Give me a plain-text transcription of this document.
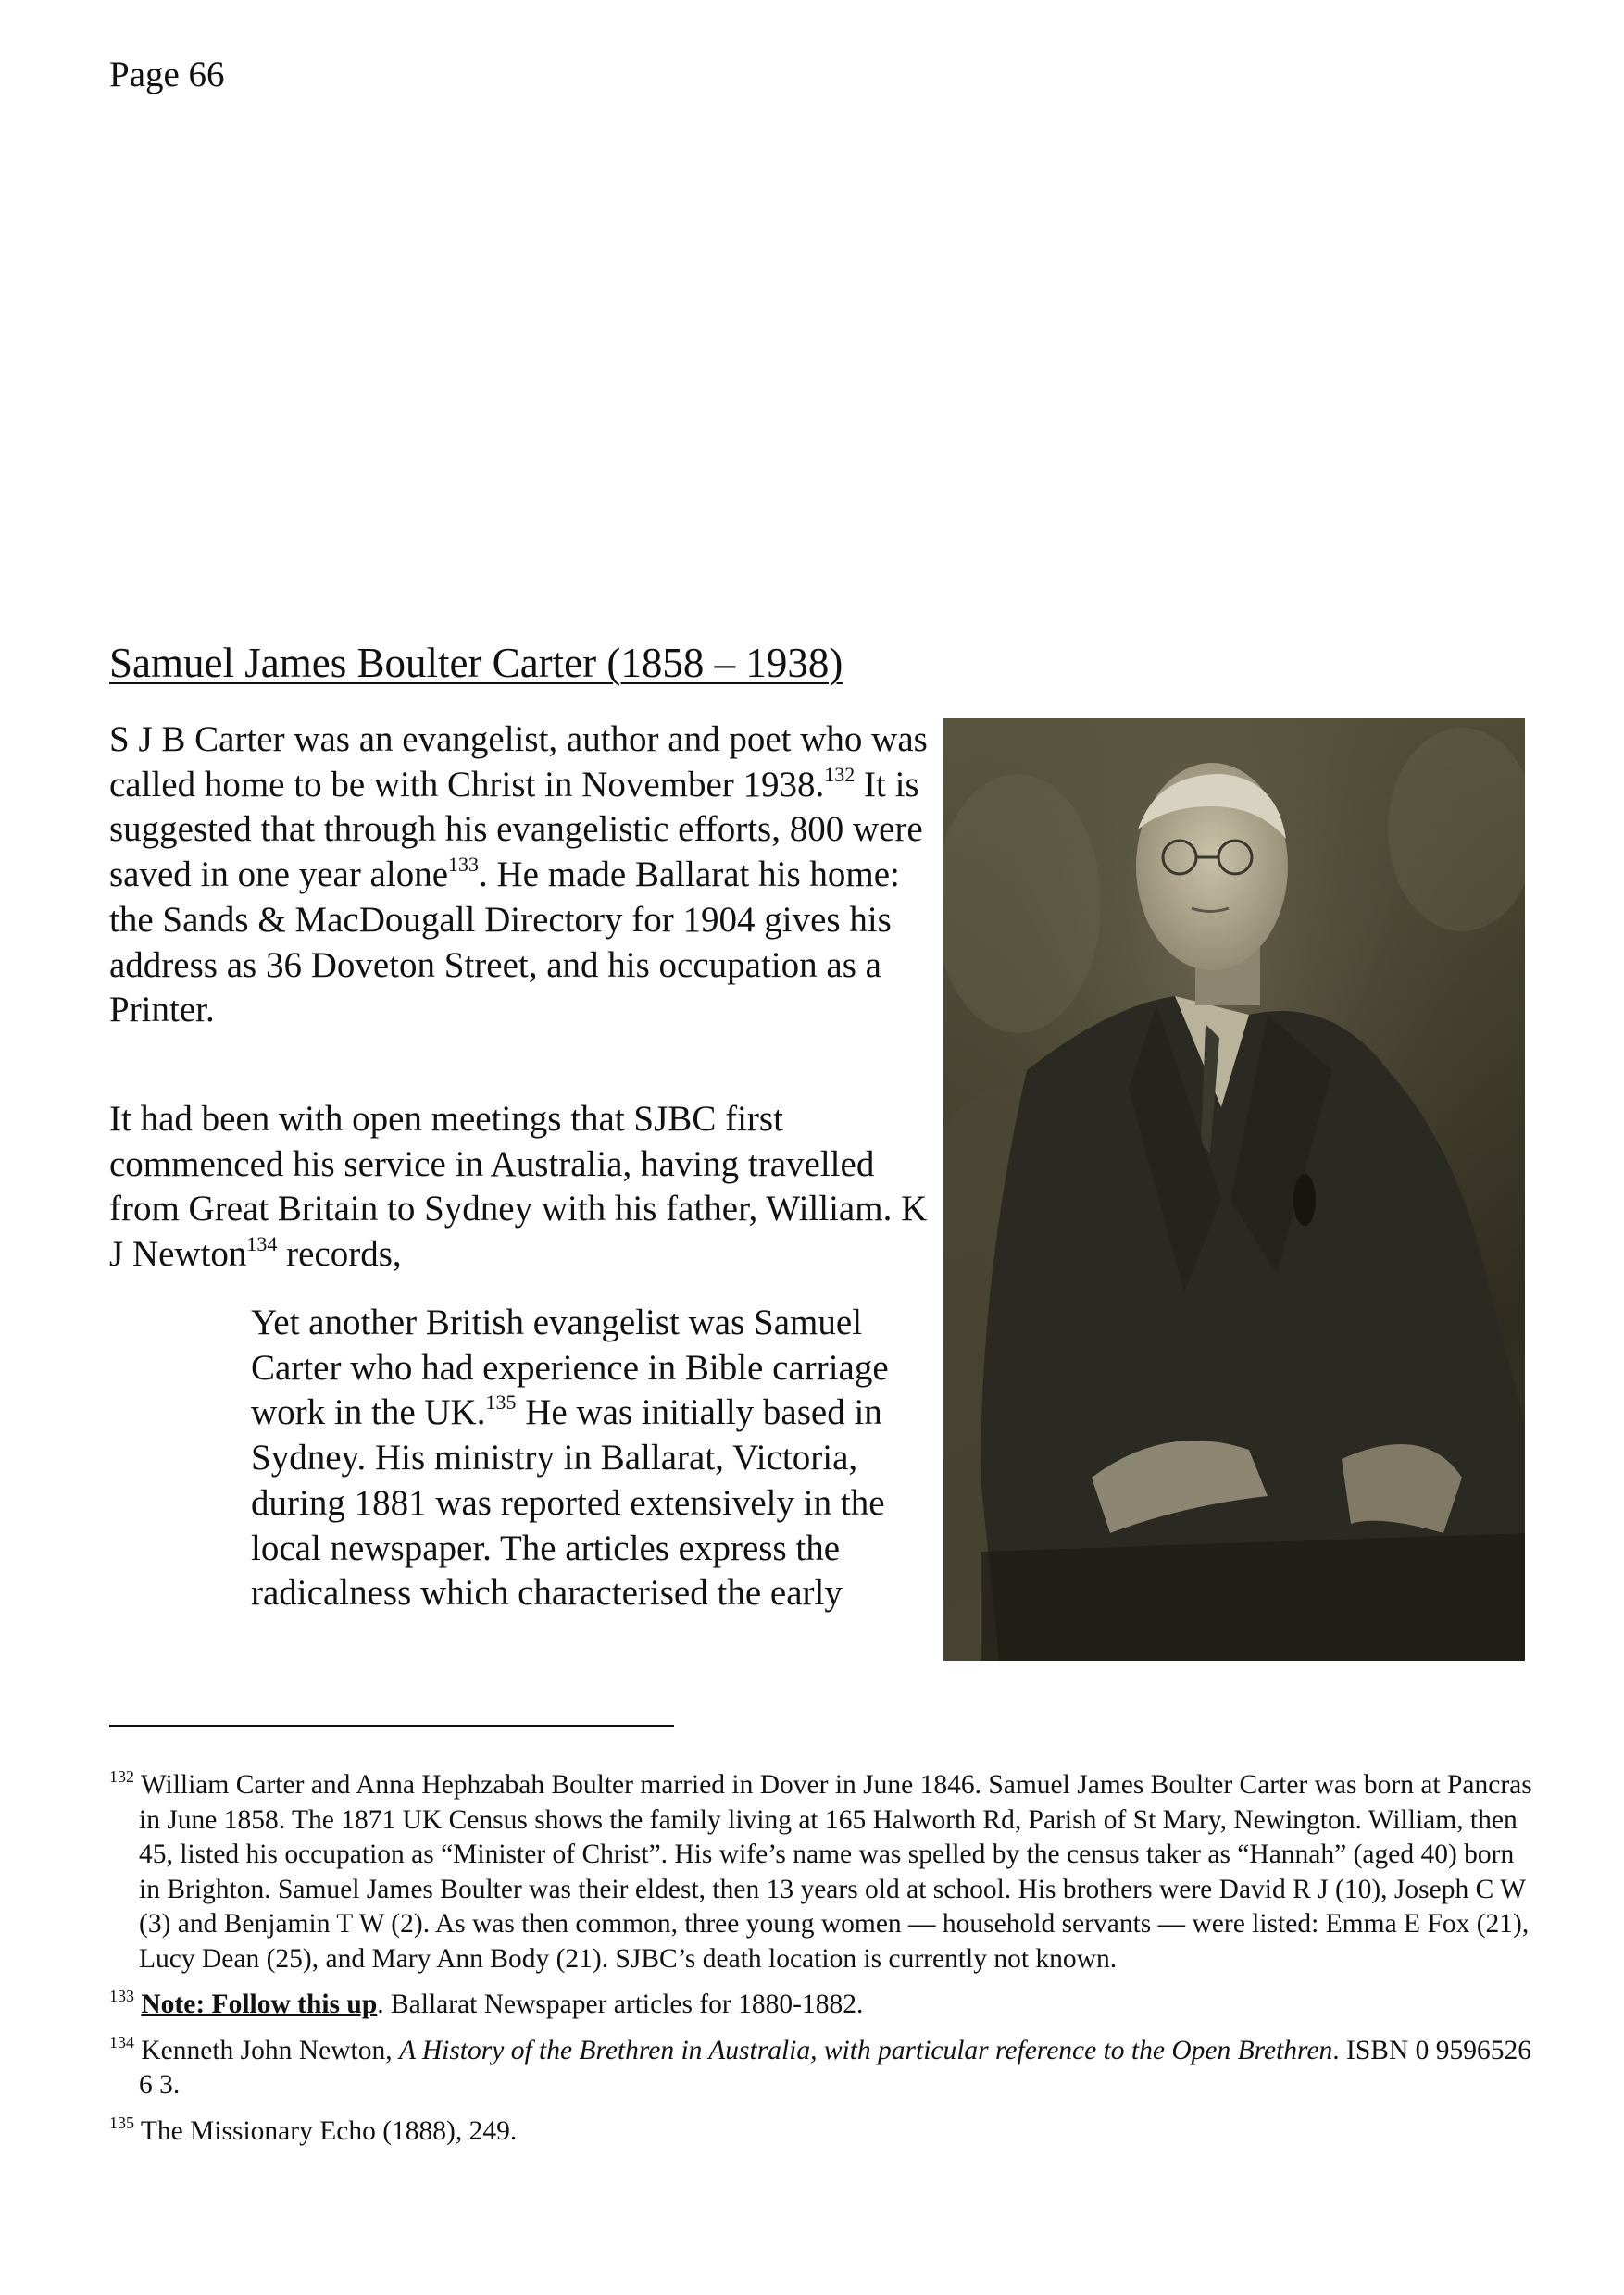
Page 66
Samuel James Boulter Carter (1858 – 1938)

S J B Carter was an evangelist, author and poet who was called home to be with Christ in November 1938.$^{132}$ It is suggested that through his evangelistic efforts, 800 were saved in one year alone$^{133}$. He made Ballarat his home: the Sands & MacDougall Directory for 1904 gives his address as 36 Doveton Street, and his occupation as a Printer.

It had been with open meetings that SJBC first commenced his service in Australia, having travelled from Great Britain to Sydney with his father, William. K J Newton$^{134}$ records,

Yet another British evangelist was Samuel Carter who had experience in Bible carriage work in the UK.$^{135}$ He was initially based in Sydney. His ministry in Ballarat, Victoria, during 1881 was reported extensively in the local newspaper. The articles express the radicalness which characterised the early

$^{132}$ William Carter and Anna Hephzabah Boulter married in Dover in June 1846. Samuel James Boulter Carter was born at Pancras in June 1858. The 1871 UK Census shows the family living at 165 Halworth Rd, Parish of St Mary, Newington. William, then 45, listed his occupation as “Minister of Christ”. His wife’s name was spelled by the census taker as “Hannah” (aged 40) born in Brighton. Samuel James Boulter was their eldest, then 13 years old at school. His brothers were David R J (10), Joseph C W (3) and Benjamin T W (2). As was then common, three young women — household servants — were listed: Emma E Fox (21), Lucy Dean (25), and Mary Ann Body (21). SJBC’s death location is currently not known.

$^{133}$ Note: Follow this up. Ballarat Newspaper articles for 1880-1882.

$^{134}$ Kenneth John Newton, A History of the Brethren in Australia, with particular reference to the Open Brethren. ISBN 0 9596526 6 3.

$^{135}$ The Missionary Echo (1888), 249.
